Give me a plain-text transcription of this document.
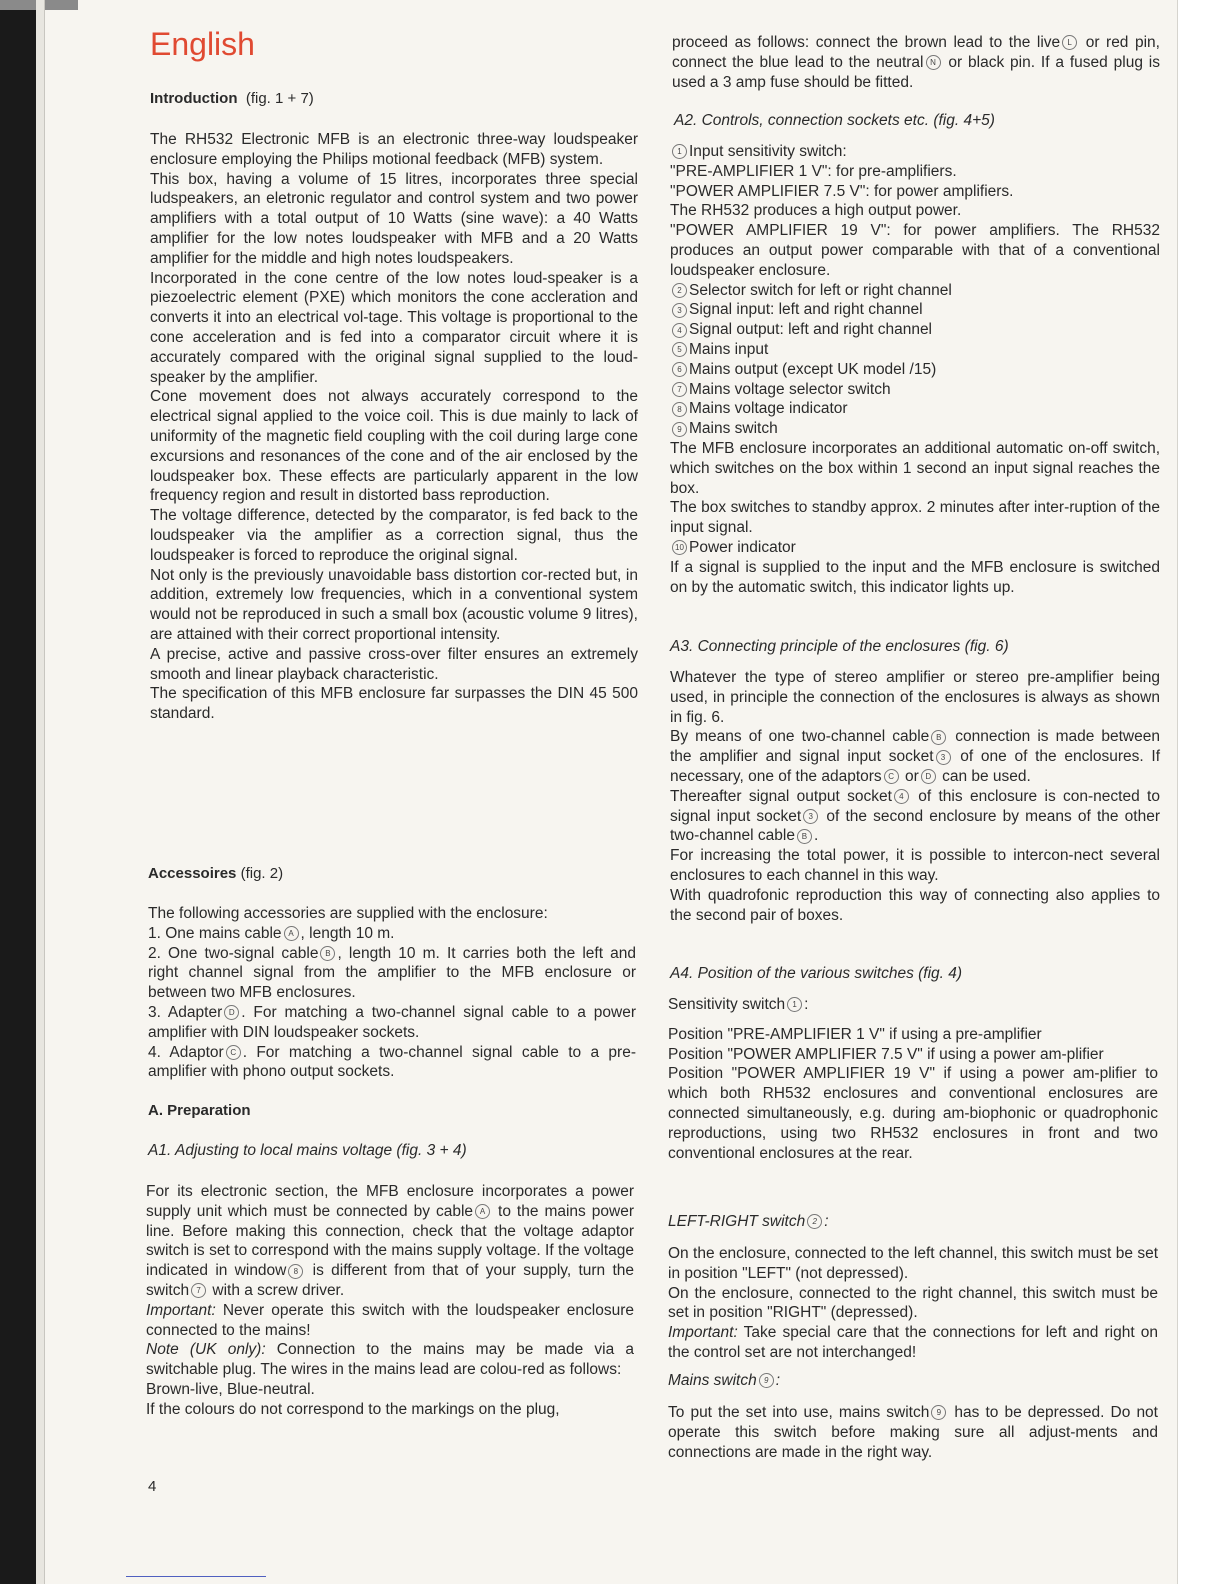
English
Introduction (fig. 1 + 7)

The RH532 Electronic MFB is an electronic three-way loudspeaker enclosure employing the Philips motional feedback (MFB) system.

This box, having a volume of 15 litres, incorporates three special ludspeakers, an eletronic regulator and control system and two power amplifiers with a total output of 10 Watts (sine wave): a 40 Watts amplifier for the low notes loudspeaker with MFB and a 20 Watts amplifier for the middle and high notes loudspeakers.

Incorporated in the cone centre of the low notes loud-speaker is a piezoelectric element (PXE) which monitors the cone accleration and converts it into an electrical vol-tage. This voltage is proportional to the cone acceleration and is fed into a comparator circuit where it is accurately compared with the original signal supplied to the loud-speaker by the amplifier.

Cone movement does not always accurately correspond to the electrical signal applied to the voice coil. This is due mainly to lack of uniformity of the magnetic field coupling with the coil during large cone excursions and resonances of the cone and of the air enclosed by the loudspeaker box. These effects are particularly apparent in the low frequency region and result in distorted bass reproduction.

The voltage difference, detected by the comparator, is fed back to the loudspeaker via the amplifier as a correction signal, thus the loudspeaker is forced to reproduce the original signal.

Not only is the previously unavoidable bass distortion cor-rected but, in addition, extremely low frequencies, which in a conventional system would not be reproduced in such a small box (acoustic volume 9 litres), are attained with their correct proportional intensity.

A precise, active and passive cross-over filter ensures an extremely smooth and linear playback characteristic.

The specification of this MFB enclosure far surpasses the DIN 45 500 standard.

Accessoires (fig. 2)

The following accessories are supplied with the enclosure:

1. One mains cable A , length 10 m.

2. One two-signal cable B , length 10 m. It carries both the left and right channel signal from the amplifier to the MFB enclosure or between two MFB enclosures.

3. Adapter D . For matching a two-channel signal cable to a power amplifier with DIN loudspeaker sockets.

4. Adaptor C . For matching a two-channel signal cable to a pre-amplifier with phono output sockets.

A. Preparation

A1. Adjusting to local mains voltage (fig. 3 + 4)

For its electronic section, the MFB enclosure incorporates a power supply unit which must be connected by cable A to the mains power line. Before making this connection, check that the voltage adaptor switch is set to correspond with the mains supply voltage. If the voltage indicated in window 8 is different from that of your supply, turn the switch 7 with a screw driver.

Important: Never operate this switch with the loudspeaker enclosure connected to the mains!

Note (UK only): Connection to the mains may be made via a switchable plug. The wires in the mains lead are colou-red as follows:

Brown-live, Blue-neutral.

If the colours do not correspond to the markings on the plug,

proceed as follows: connect the brown lead to the live L or red pin, connect the blue lead to the neutral N or black pin. If a fused plug is used a 3 amp fuse should be fitted.

A2. Controls, connection sockets etc. (fig. 4+5)

1 Input sensitivity switch:

"PRE-AMPLIFIER 1 V": for pre-amplifiers.

"POWER AMPLIFIER 7.5 V": for power amplifiers.

The RH532 produces a high output power.

"POWER AMPLIFIER 19 V": for power amplifiers. The RH532 produces an output power comparable with that of a conventional loudspeaker enclosure.

2 Selector switch for left or right channel

3 Signal input: left and right channel

4 Signal output: left and right channel

5 Mains input

6 Mains output (except UK model /15)

7 Mains voltage selector switch

8 Mains voltage indicator

9 Mains switch

The MFB enclosure incorporates an additional automatic on-off switch, which switches on the box within 1 second an input signal reaches the box.

The box switches to standby approx. 2 minutes after inter-ruption of the input signal.

10 Power indicator

If a signal is supplied to the input and the MFB enclosure is switched on by the automatic switch, this indicator lights up.

A3. Connecting principle of the enclosures (fig. 6)

Whatever the type of stereo amplifier or stereo pre-amplifier being used, in principle the connection of the enclosures is always as shown in fig. 6.

By means of one two-channel cable B connection is made between the amplifier and signal input socket 3 of one of the enclosures. If necessary, one of the adaptors C or D can be used.

Thereafter signal output socket 4 of this enclosure is con-nected to signal input socket 3 of the second enclosure by means of the other two-channel cable B .

For increasing the total power, it is possible to intercon-nect several enclosures to each channel in this way.

With quadrofonic reproduction this way of connecting also applies to the second pair of boxes.

A4. Position of the various switches (fig. 4)

Sensitivity switch 1 :

Position "PRE-AMPLIFIER 1 V" if using a pre-amplifier

Position "POWER AMPLIFIER 7.5 V" if using a power am-plifier

Position "POWER AMPLIFIER 19 V" if using a power am-plifier to which both RH532 enclosures and conventional enclosures are connected simultaneously, e.g. during am-biophonic or quadrophonic reproductions, using two RH532 enclosures in front and two conventional enclosures at the rear.

LEFT-RIGHT switch 2 :

On the enclosure, connected to the left channel, this switch must be set in position "LEFT" (not depressed).

On the enclosure, connected to the right channel, this switch must be set in position "RIGHT" (depressed).

Important: Take special care that the connections for left and right on the control set are not interchanged!

Mains switch 9 :

To put the set into use, mains switch 9 has to be depressed. Do not operate this switch before making sure all adjust-ments and connections are made in the right way.

4
